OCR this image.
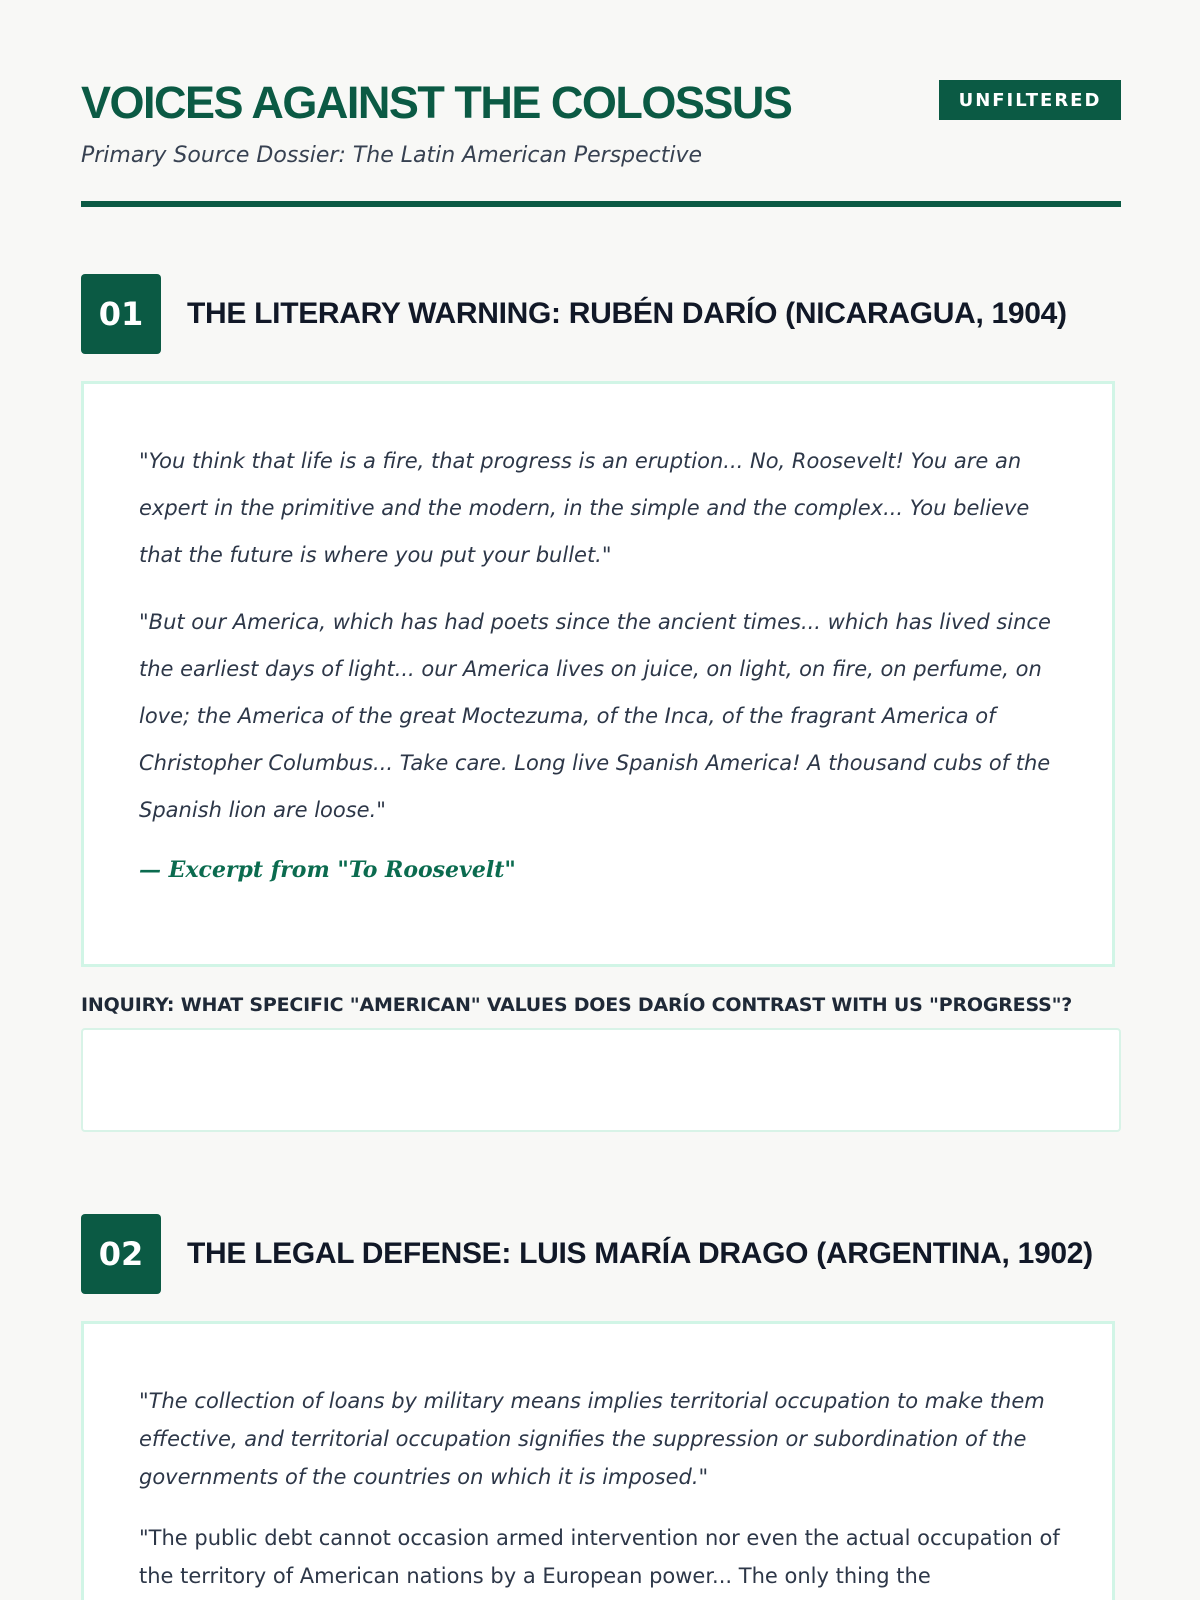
VOICES AGAINST THE COLOSSUS	UNFILTERED
Primary Source Dossier: The Latin American Perspective
01	THE LITERARY WARNING: RUBÉN DARÍO (NICARAGUA, 1904)

"You think that life is a fire, that progress is an eruption... No, Roosevelt! You are an expert in the primitive and the modern, in the simple and the complex... You believe that the future is where you put your bullet."

"But our America, which has had poets since the ancient times... which has lived since the earliest days of light... our America lives on juice, on light, on fire, on perfume, on love; the America of the great Moctezuma, of the Inca, of the fragrant America of Christopher Columbus... Take care. Long live Spanish America! A thousand cubs of the Spanish lion are loose."

— Excerpt from "To Roosevelt"
INQUIRY: WHAT SPECIFIC "AMERICAN" VALUES DOES DARÍO CONTRAST WITH US "PROGRESS"?
02	THE LEGAL DEFENSE: LUIS MARÍA DRAGO (ARGENTINA, 1902)

"The collection of loans by military means implies territorial occupation to make them effective, and territorial occupation signifies the suppression or subordination of the governments of the countries on which it is imposed."

"The public debt cannot occasion armed intervention nor even the actual occupation of the territory of American nations by a European power... The only thing the
